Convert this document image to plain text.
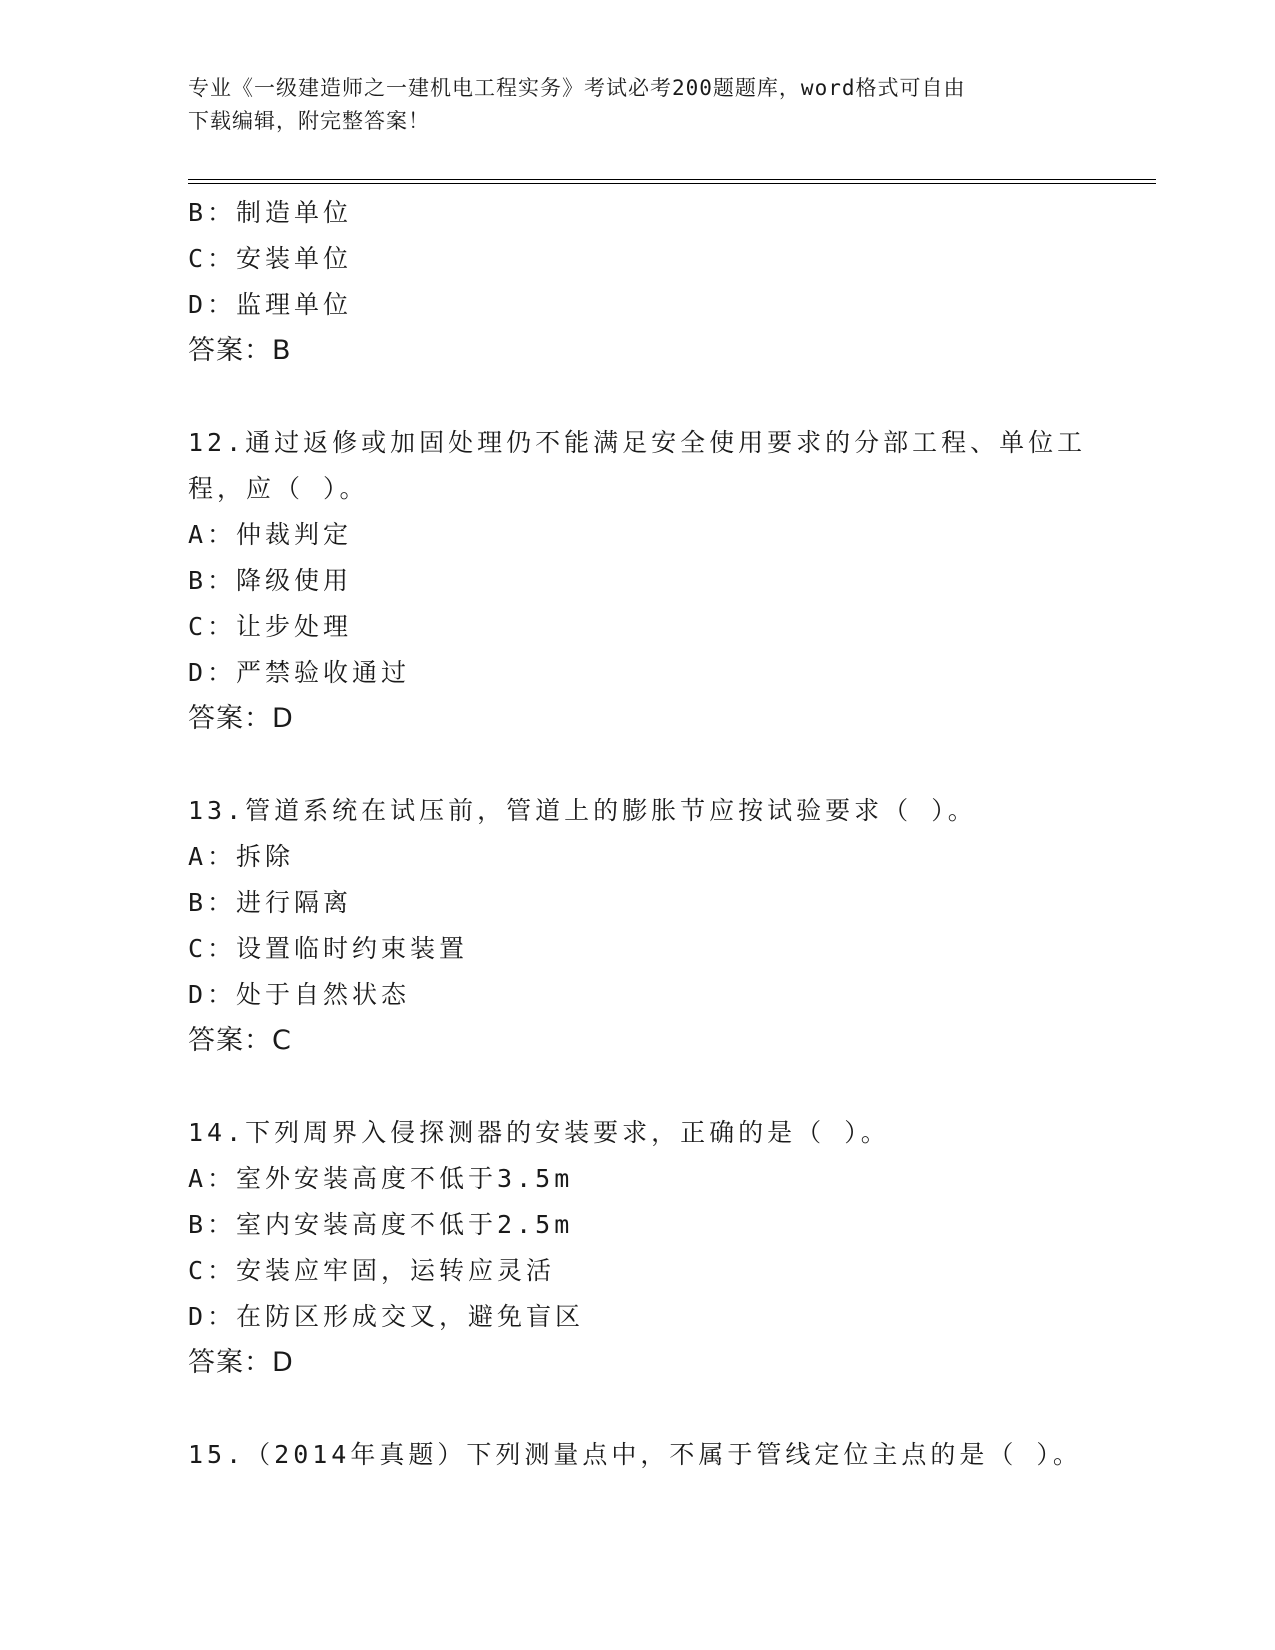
专业《一级建造师之一建机电工程实务》考试必考200题题库，word格式可自由
下载编辑，附完整答案！
B：制造单位
C：安装单位
D：监理单位
答案：B
12.通过返修或加固处理仍不能满足安全使用要求的分部工程、单位工
程，应（ ）。
A：仲裁判定
B：降级使用
C：让步处理
D：严禁验收通过
答案：D
13.管道系统在试压前，管道上的膨胀节应按试验要求（ ）。
A：拆除
B：进行隔离
C：设置临时约束装置
D：处于自然状态
答案：C
14.下列周界入侵探测器的安装要求，正确的是（ ）。
A：室外安装高度不低于3.5m
B：室内安装高度不低于2.5m
C：安装应牢固，运转应灵活
D：在防区形成交叉，避免盲区
答案：D
15.（2014年真题）下列测量点中，不属于管线定位主点的是（ ）。
